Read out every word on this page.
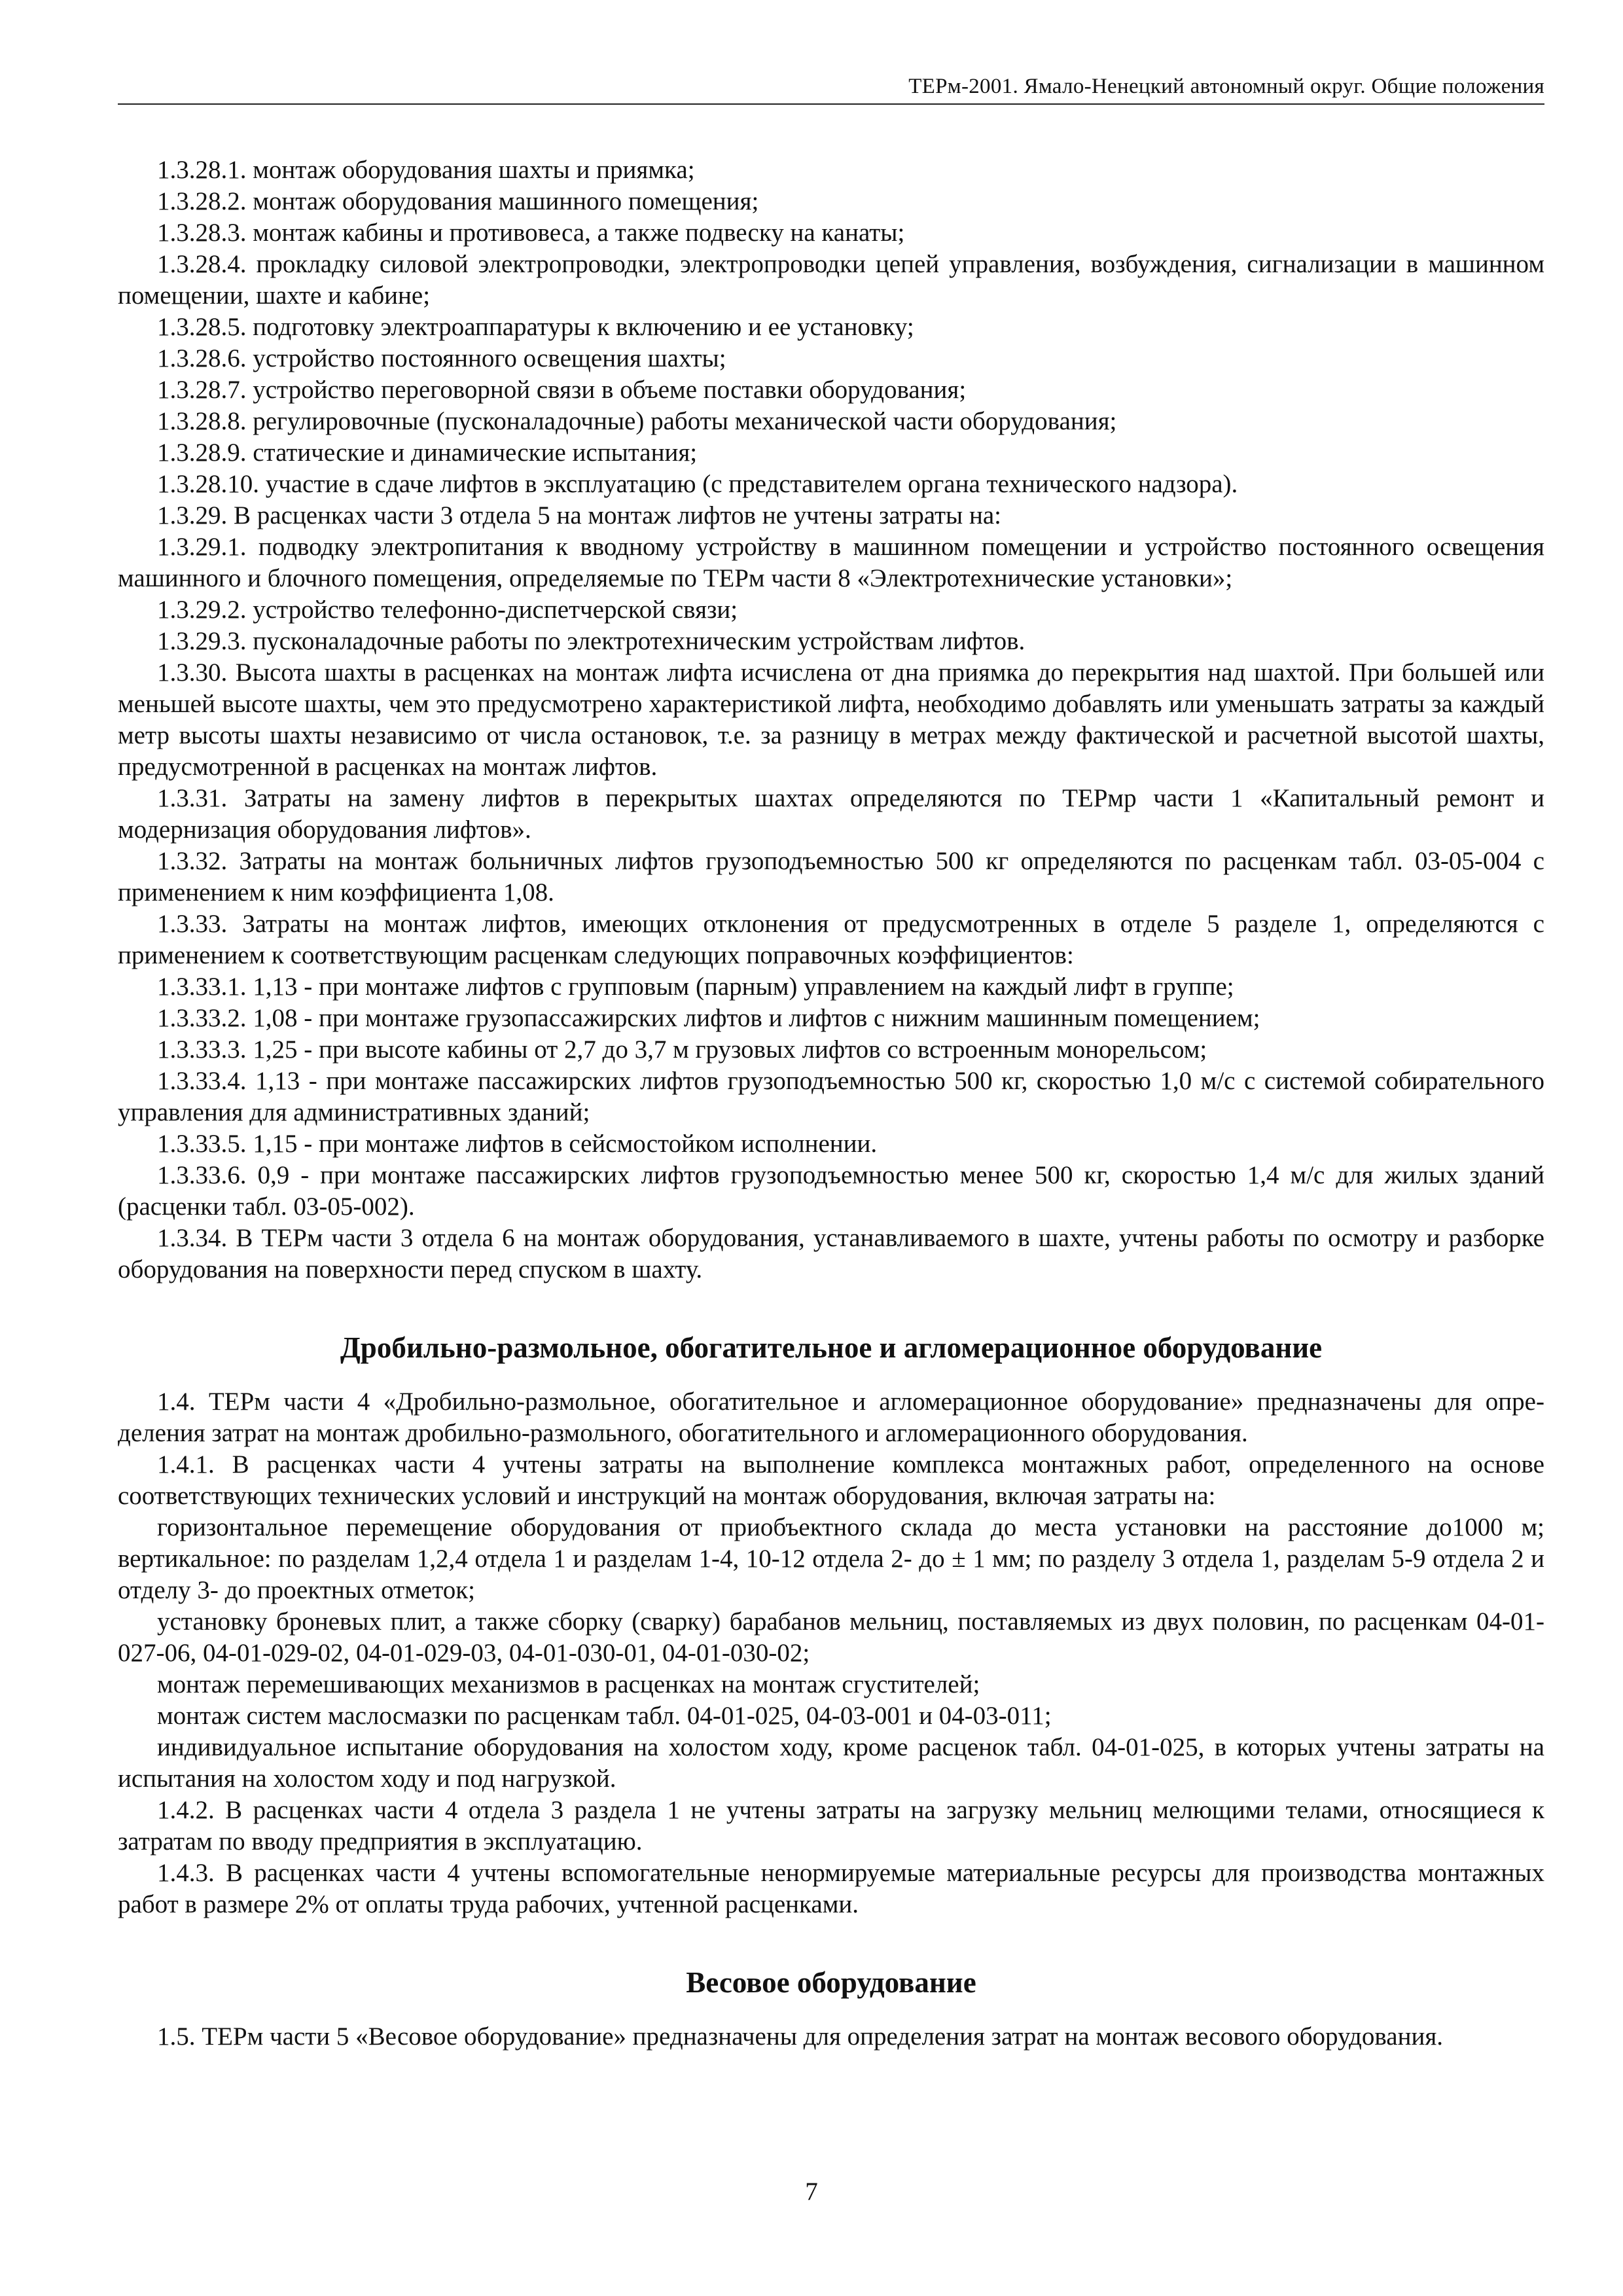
ТЕРм-2001. Ямало-Ненецкий автономный округ. Общие положения

1.3.28.1. монтаж оборудования шахты и приямка;

1.3.28.2. монтаж оборудования машинного помещения;

1.3.28.3. монтаж кабины и противовеса, а также подвеску на канаты;

1.3.28.4. прокладку силовой электропроводки, электропроводки цепей управления, возбуждения, сигнализации в машинном помещении, шахте и кабине;

1.3.28.5. подготовку электроаппаратуры к включению и ее установку;

1.3.28.6. устройство постоянного освещения шахты;

1.3.28.7. устройство переговорной связи в объеме поставки оборудования;

1.3.28.8. регулировочные (пусконаладочные) работы механической части оборудования;

1.3.28.9. статические и динамические испытания;

1.3.28.10. участие в сдаче лифтов в эксплуатацию (с представителем органа технического надзора).

1.3.29. В расценках части 3 отдела 5 на монтаж лифтов не учтены затраты на:

1.3.29.1. подводку электропитания к вводному устройству в машинном помещении и устройство постоянного освещения машинного и блочного помещения, определяемые по ТЕРм части 8 «Электротехнические установки»;

1.3.29.2. устройство телефонно-диспетчерской связи;

1.3.29.3. пусконаладочные работы по электротехническим устройствам лифтов.

1.3.30. Высота шахты в расценках на монтаж лифта исчислена от дна приямка до перекрытия над шахтой. При большей или меньшей высоте шахты, чем это предусмотрено характеристикой лифта, необходимо добавлять или уменьшать затраты за каждый метр высоты шахты независимо от числа остановок, т.е. за разницу в метрах между фактической и расчетной высотой шахты, предусмотренной в расценках на монтаж лифтов.

1.3.31. Затраты на замену лифтов в перекрытых шахтах определяются по ТЕРмр части 1 «Капитальный ремонт и модернизация оборудования лифтов».

1.3.32. Затраты на монтаж больничных лифтов грузоподъемностью 500 кг определяются по расценкам табл. 03-05-004 с применением к ним коэффициента 1,08.

1.3.33. Затраты на монтаж лифтов, имеющих отклонения от предусмотренных в отделе 5 разделе 1, определяются с применением к соответствующим расценкам следующих поправочных коэффициентов:

1.3.33.1. 1,13 - при монтаже лифтов с групповым (парным) управлением на каждый лифт в группе;

1.3.33.2. 1,08 - при монтаже грузопассажирских лифтов и лифтов с нижним машинным помещением;

1.3.33.3. 1,25 - при высоте кабины от 2,7 до 3,7 м грузовых лифтов со встроенным монорельсом;

1.3.33.4. 1,13 - при монтаже пассажирских лифтов грузоподъемностью 500 кг, скоростью 1,0 м/с с системой собирательного управления для административных зданий;

1.3.33.5. 1,15 - при монтаже лифтов в сейсмостойком исполнении.

1.3.33.6. 0,9 - при монтаже пассажирских лифтов грузоподъемностью менее 500 кг, скоростью 1,4 м/с для жилых зданий (расценки табл. 03-05-002).

1.3.34. В ТЕРм части 3 отдела 6 на монтаж оборудования, устанавливаемого в шахте, учтены работы по осмотру и разборке оборудования на поверхности перед спуском в шахту.

Дробильно-размольное, обогатительное и агломерационное оборудование

1.4. ТЕРм части 4 «Дробильно-размольное, обогатительное и агломерационное оборудование» предназначены для определения затрат на монтаж дробильно-размольного, обогатительного и агломерационного оборудования.

1.4.1. В расценках части 4 учтены затраты на выполнение комплекса монтажных работ, определенного на основе соответствующих технических условий и инструкций на монтаж оборудования, включая затраты на:

горизонтальное перемещение оборудования от приобъектного склада до места установки на расстояние до1000 м; вертикальное: по разделам 1,2,4 отдела 1 и разделам 1-4, 10-12 отдела 2- до ± 1 мм; по разделу 3 отдела 1, разделам 5-9 отдела 2 и отделу 3- до проектных отметок;

установку броневых плит, а также сборку (сварку) барабанов мельниц, поставляемых из двух половин, по расценкам 04-01-027-06, 04-01-029-02, 04-01-029-03, 04-01-030-01, 04-01-030-02;

монтаж перемешивающих механизмов в расценках на монтаж сгустителей;

монтаж систем маслосмазки по расценкам табл. 04-01-025, 04-03-001 и 04-03-011;

индивидуальное испытание оборудования на холостом ходу, кроме расценок табл. 04-01-025, в которых учтены затраты на испытания на холостом ходу и под нагрузкой.

1.4.2. В расценках части 4 отдела 3 раздела 1 не учтены затраты на загрузку мельниц мелющими телами, относящиеся к затратам по вводу предприятия в эксплуатацию.

1.4.3. В расценках части 4 учтены вспомогательные ненормируемые материальные ресурсы для производства монтажных работ в размере 2% от оплаты труда рабочих, учтенной расценками.

Весовое оборудование

1.5. ТЕРм части 5 «Весовое оборудование» предназначены для определения затрат на монтаж весового оборудования.

7
